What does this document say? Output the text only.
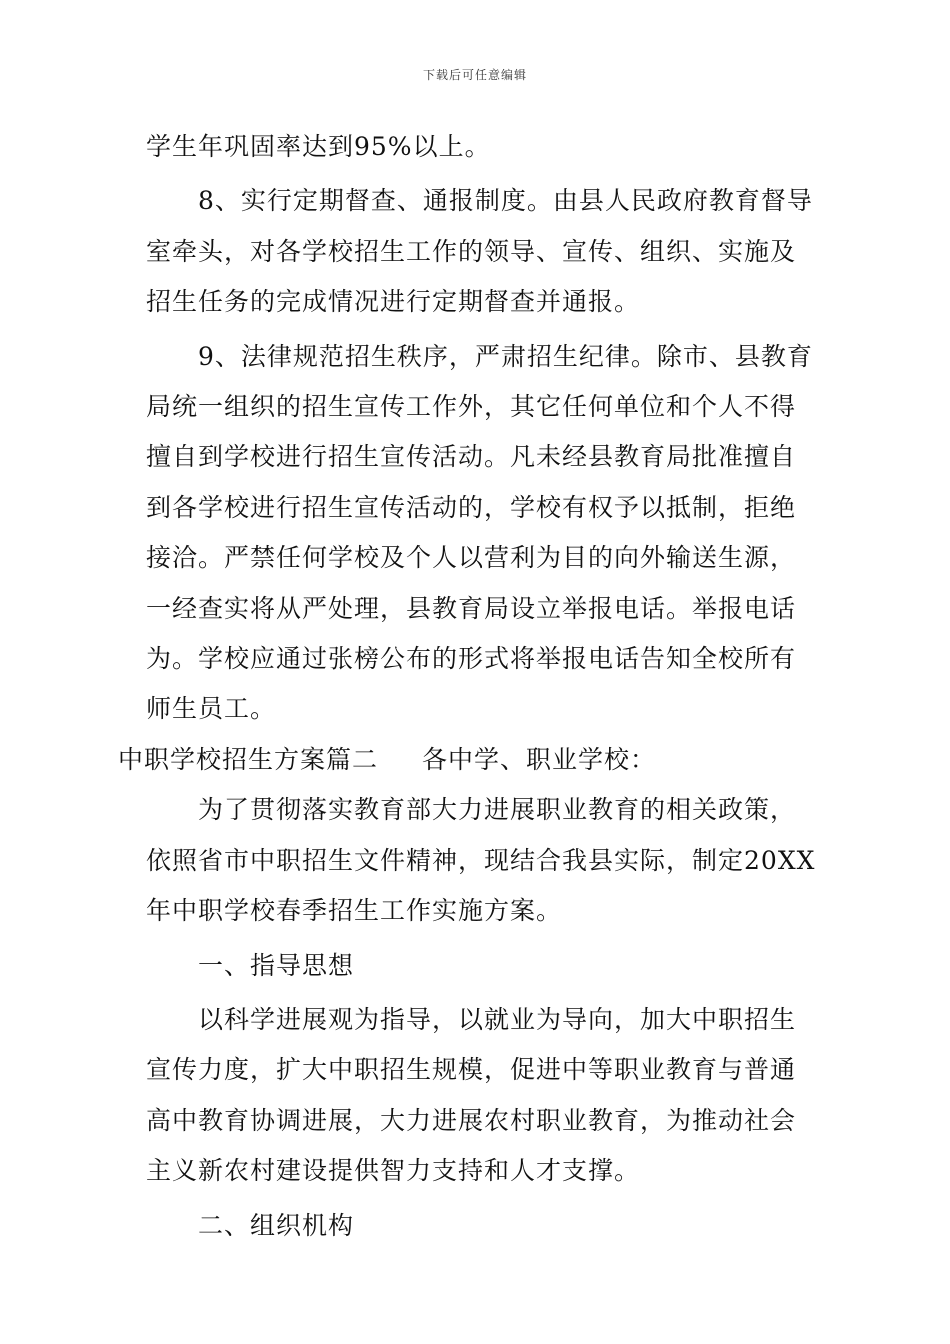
下载后可任意编辑

学生年巩固率达到95%以上。

8、实行定期督查、通报制度。由县人民政府教育督导室牵头，对各学校招生工作的领导、宣传、组织、实施及招生任务的完成情况进行定期督查并通报。

9、法律规范招生秩序，严肃招生纪律。除市、县教育局统一组织的招生宣传工作外，其它任何单位和个人不得擅自到学校进行招生宣传活动。凡未经县教育局批准擅自到各学校进行招生宣传活动的，学校有权予以抵制，拒绝接洽。严禁任何学校及个人以营利为目的向外输送生源，一经查实将从严处理，县教育局设立举报电话。举报电话为。学校应通过张榜公布的形式将举报电话告知全校所有师生员工。

中职学校招生方案篇二 各中学、职业学校：

为了贯彻落实教育部大力进展职业教育的相关政策，依照省市中职招生文件精神，现结合我县实际，制定20XX年中职学校春季招生工作实施方案。

一、指导思想

以科学进展观为指导，以就业为导向，加大中职招生宣传力度，扩大中职招生规模，促进中等职业教育与普通高中教育协调进展，大力进展农村职业教育，为推动社会主义新农村建设提供智力支持和人才支撑。

二、组织机构
